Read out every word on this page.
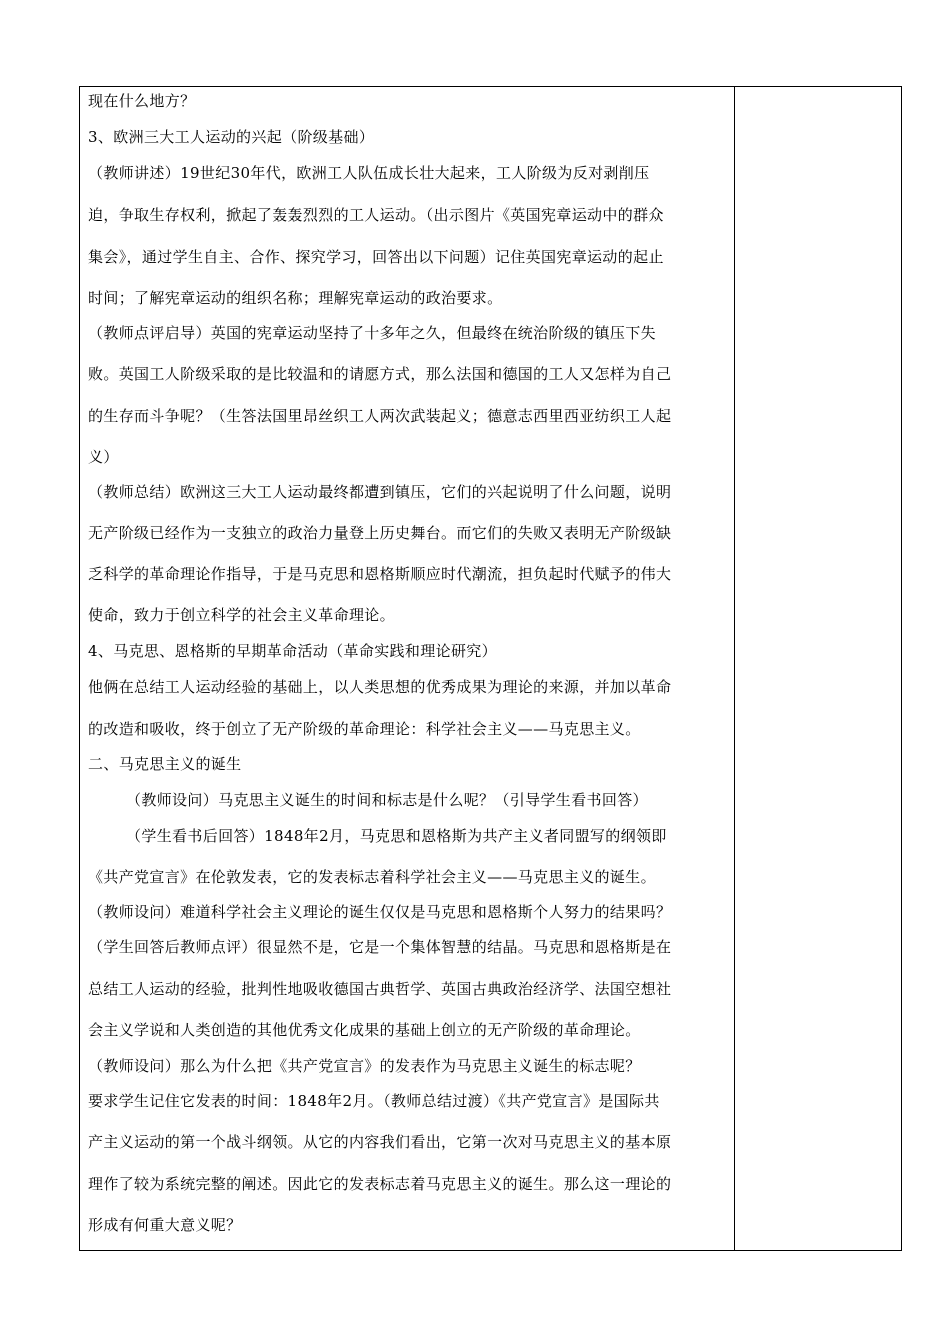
现在什么地方？
3、欧洲三大工人运动的兴起（阶级基础）
（教师讲述）19世纪30年代，欧洲工人队伍成长壮大起来，工人阶级为反对剥削压
迫，争取生存权利，掀起了轰轰烈烈的工人运动。（出示图片《英国宪章运动中的群众
集会》，通过学生自主、合作、探究学习，回答出以下问题）记住英国宪章运动的起止
时间；了解宪章运动的组织名称；理解宪章运动的政治要求。
（教师点评启导）英国的宪章运动坚持了十多年之久，但最终在统治阶级的镇压下失
败。英国工人阶级采取的是比较温和的请愿方式，那么法国和德国的工人又怎样为自己
的生存而斗争呢？（生答法国里昂丝织工人两次武装起义；德意志西里西亚纺织工人起
义）
（教师总结）欧洲这三大工人运动最终都遭到镇压，它们的兴起说明了什么问题，说明
无产阶级已经作为一支独立的政治力量登上历史舞台。而它们的失败又表明无产阶级缺
乏科学的革命理论作指导，于是马克思和恩格斯顺应时代潮流，担负起时代赋予的伟大
使命，致力于创立科学的社会主义革命理论。
4、马克思、恩格斯的早期革命活动（革命实践和理论研究）
他俩在总结工人运动经验的基础上，以人类思想的优秀成果为理论的来源，并加以革命
的改造和吸收，终于创立了无产阶级的革命理论：科学社会主义——马克思主义。
二、马克思主义的诞生
（教师设问）马克思主义诞生的时间和标志是什么呢？（引导学生看书回答）
（学生看书后回答）1848年2月，马克思和恩格斯为共产主义者同盟写的纲领即
《共产党宣言》在伦敦发表，它的发表标志着科学社会主义——马克思主义的诞生。
（教师设问）难道科学社会主义理论的诞生仅仅是马克思和恩格斯个人努力的结果吗？
（学生回答后教师点评）很显然不是，它是一个集体智慧的结晶。马克思和恩格斯是在
总结工人运动的经验，批判性地吸收德国古典哲学、英国古典政治经济学、法国空想社
会主义学说和人类创造的其他优秀文化成果的基础上创立的无产阶级的革命理论。
（教师设问）那么为什么把《共产党宣言》的发表作为马克思主义诞生的标志呢？
要求学生记住它发表的时间：1848年2月。（教师总结过渡）《共产党宣言》是国际共
产主义运动的第一个战斗纲领。从它的内容我们看出，它第一次对马克思主义的基本原
理作了较为系统完整的阐述。因此它的发表标志着马克思主义的诞生。那么这一理论的
形成有何重大意义呢？
